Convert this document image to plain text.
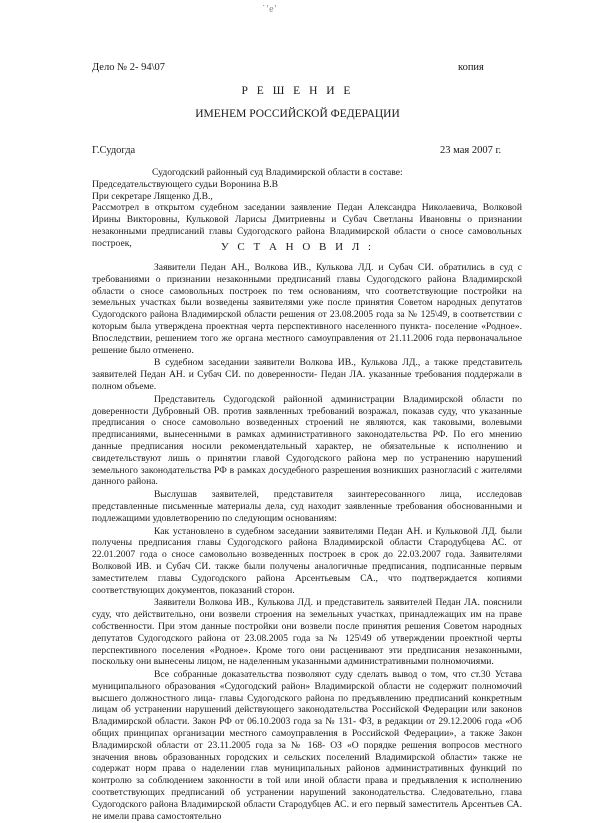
˙'е'
Дело № 2- 94\07	копия
Р Е Ш Е Н И Е
ИМЕНЕМ РОССИЙСКОЙ ФЕДЕРАЦИИ
Г.Судогда	23 мая 2007 г.

Судогодский районный суд Владимирской области в составе:

Председательствующего судьи Воронина В.В

При секретаре Лященко Д.В.,

Рассмотрел в открытом судебном заседании заявление Педан Александра Николаевича, Волковой Ирины Викторовны, Кульковой Ларисы Дмитриевны и Субач Светланы Ивановны о признании незаконными предписаний главы Судогодского района Владимирской области о сносе самовольных построек,	У С Т А Н О В И Л :

Заявители Педан АН., Волкова ИВ., Кулькова ЛД. и Субач СИ. обратились в суд с требованиями о признании незаконными предписаний главы Судогодского района Владимирской области о сносе самовольных построек по тем основаниям, что соответствующие постройки на земельных участках были возведены заявителями уже после принятия Советом народных депутатов Судогодского района Владимирской области решения от 23.08.2005 года за № 125\49, в соответствии с которым была утверждена проектная черта перспективного населенного пункта- поселение «Родное». Впоследствии, решением того же органа местного самоуправления от 21.11.2006 года первоначальное решение было отменено.

В судебном заседании заявители Волкова ИВ., Кулькова ЛД., а также представитель заявителей Педан АН. и Субач СИ. по доверенности- Педан ЛА. указанные требования поддержали в полном объеме.

Представитель Судогодской районной администрации Владимирской области по доверенности Дубровный ОВ. против заявленных требований возражал, показав суду, что указанные предписания о сносе самовольно возведенных строений не являются, как таковыми, волевыми предписаниями, вынесенными в рамках административного законодательства РФ. По его мнению данные предписания носили рекомендательный характер, не обязательные к исполнению и свидетельствуют лишь о принятии главой Судогодского района мер по устранению нарушений земельного законодательства РФ в рамках досудебного разрешения возникших разногласий с жителями данного района.

Выслушав заявителей, представителя заинтересованного лица, исследовав представленные письменные материалы дела, суд находит заявленные требования обоснованными и подлежащими удовлетворению по следующим основаниям:

Как установлено в судебном заседании заявителями Педан АН. и Кульковой ЛД. были получены предписания главы Судогодского района Владимирской области Стародубцева АС. от 22.01.2007 года о сносе самовольно возведенных построек в срок до 22.03.2007 года. Заявителями Волковой ИВ. и Субач СИ. также были получены аналогичные предписания, подписанные первым заместителем главы Судогодского района Арсентьевым СА., что подтверждается копиями соответствующих документов, показаний сторон.

Заявители Волкова ИВ., Кулькова ЛД. и представитель заявителей Педан ЛА. пояснили суду, что действительно, они возвели строения на земельных участках, принадлежащих им на праве собственности. При этом данные постройки они возвели после принятия решения Советом народных депутатов Судогодского района от 23.08.2005 года за № 125\49 об утверждении проектной черты перспективного поселения «Родное». Кроме того они расценивают эти предписания незаконными, поскольку они вынесены лицом, не наделенным указанными административными полномочиями.

Все собранные доказательства позволяют суду сделать вывод о том, что ст.30 Устава муниципального образования «Судогодский район» Владимирской области не содержит полномочий высшего должностного лица- главы Судогодского района по предъявлению предписаний конкретным лицам об устранении нарушений действующего законодательства Российской Федерации или законов Владимирской области. Закон РФ от 06.10.2003 года за № 131- ФЗ, в редакции от 29.12.2006 года «Об общих принципах организации местного самоуправления в Российской Федерации», а также Закон Владимирской области от 23.11.2005 года за № 168- ОЗ «О порядке решения вопросов местного значения вновь образованных городских и сельских поселений Владимирской области» также не содержат норм права о наделении глав муниципальных районов административных функций по контролю за соблюдением законности в той или иной области права и предъявления к исполнению соответствующих предписаний об устранении нарушений законодательства. Следовательно, глава Судогодского района Владимирской области Стародубцев АС. и его первый заместитель Арсентьев СА. не имели права самостоятельно
